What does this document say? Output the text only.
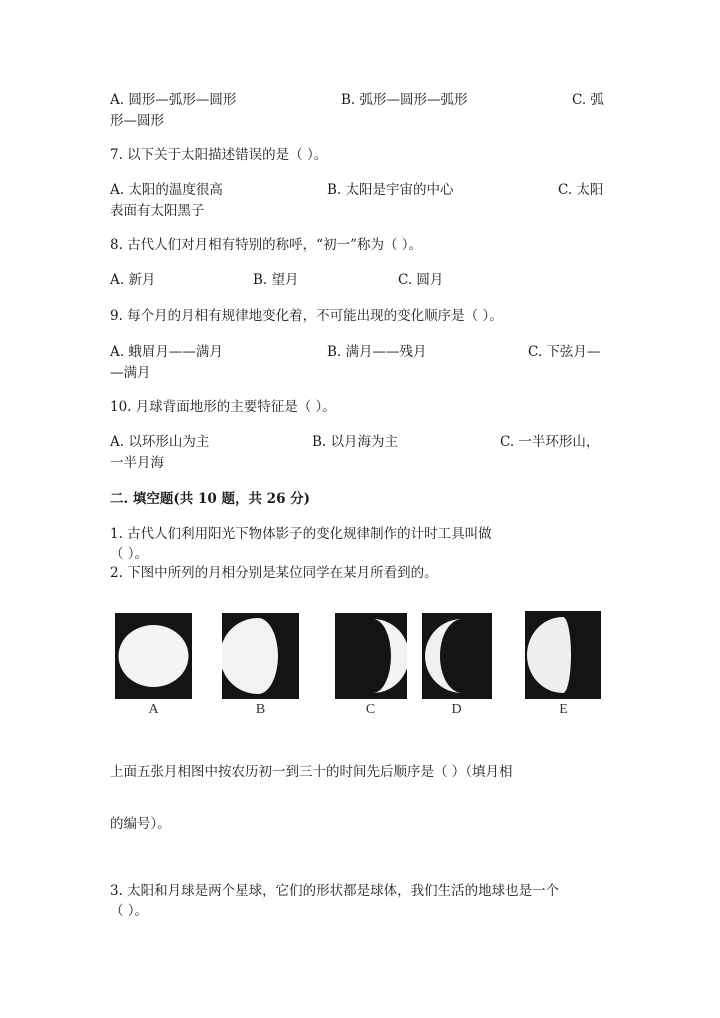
A. 圆形—弧形—圆形	B. 弧形—圆形—弧形	C. 弧
形—圆形
7. 以下关于太阳描述错误的是（ ）。
A. 太阳的温度很高	B. 太阳是宇宙的中心	C. 太阳
表面有太阳黑子
8. 古代人们对月相有特别的称呼，“初一”称为（ ）。
A. 新月	B. 望月	C. 圆月
9. 每个月的月相有规律地变化着，不可能出现的变化顺序是（ ）。
A. 蛾眉月——满月	B. 满月——残月	C. 下弦月—
—满月
10. 月球背面地形的主要特征是（ ）。
A. 以环形山为主	B. 以月海为主	C. 一半环形山，
一半月海
二. 填空题(共 10 题，共 26 分)
1. 古代人们利用阳光下物体影子的变化规律制作的计时工具叫做
（ ）。
2. 下图中所列的月相分别是某位同学在某月所看到的。
A	B	C	D	E
上面五张月相图中按农历初一到三十的时间先后顺序是（ ）（填月相
的编号）。
3. 太阳和月球是两个星球，它们的形状都是球体，我们生活的地球也是一个
（ ）。
